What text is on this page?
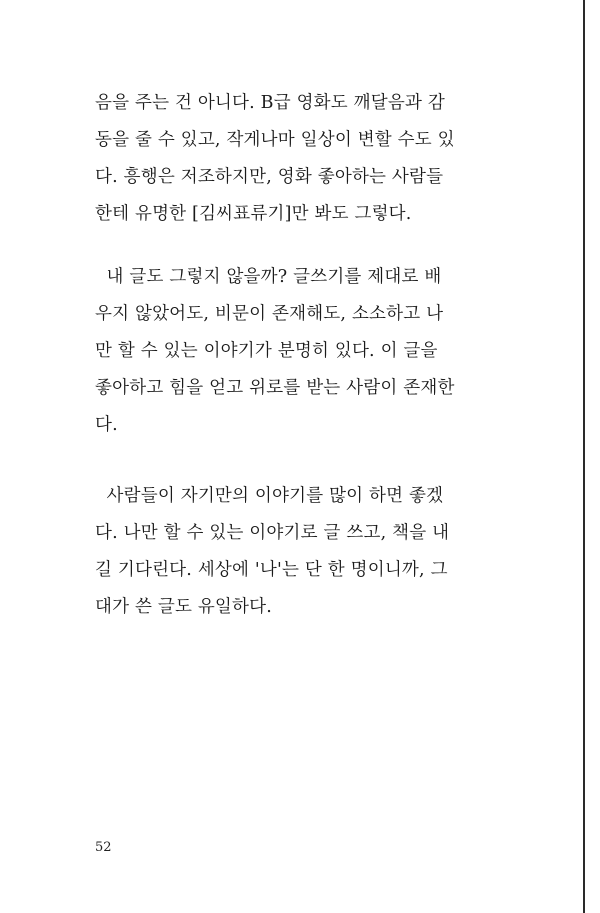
음을 주는 건 아니다. B급 영화도 깨달음과 감
동을 줄 수 있고, 작게나마 일상이 변할 수도 있
다. 흥행은 저조하지만, 영화 좋아하는 사람들
한테 유명한 [김씨표류기]만 봐도 그렇다.
내 글도 그렇지 않을까? 글쓰기를 제대로 배
우지 않았어도, 비문이 존재해도, 소소하고 나
만 할 수 있는 이야기가 분명히 있다. 이 글을
좋아하고 힘을 얻고 위로를 받는 사람이 존재한
다.
사람들이 자기만의 이야기를 많이 하면 좋겠
다. 나만 할 수 있는 이야기로 글 쓰고, 책을 내
길 기다린다. 세상에 '나'는 단 한 명이니까, 그
대가 쓴 글도 유일하다.
52
